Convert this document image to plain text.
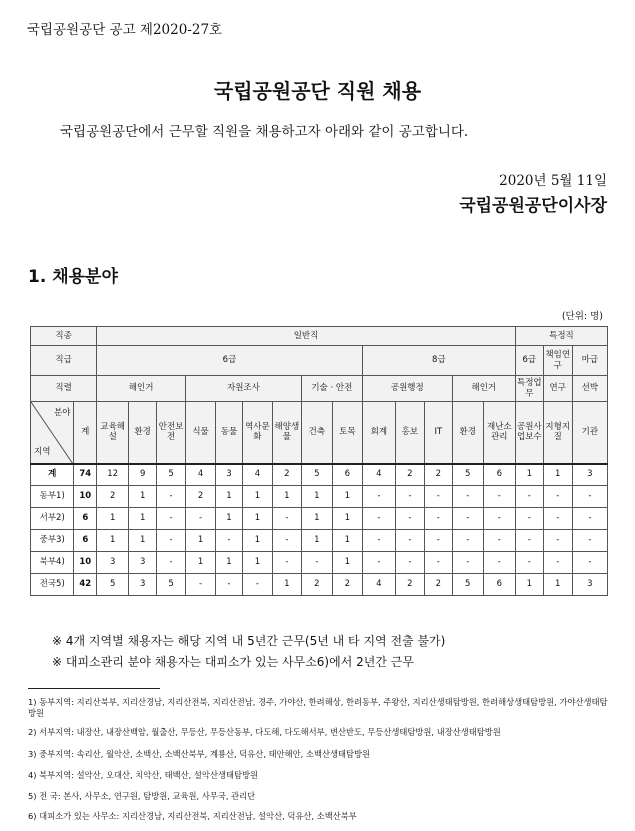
국립공원공단 공고 제2020-27호
국립공원공단 직원 채용
국립공원공단에서 근무할 직원을 채용하고자 아래와 같이 공고합니다.
2020년 5월 11일
국립공원공단이사장
1. 채용분야
(단위: 명)
직종		일반직														특정직		
직급		6급									8급					6급	책임연구	마급
직렬		해인거			자원조사				기술 · 안전		공원행정			해인거		특정업무	연구	선박

분야
지역	계	교육해설	환경	안전보전	식물	동물	역사문화	해양생물	건축	토목	회계	홍보	IT	환경	재난소관리	공원사업보수	지형지질	기관
계	74	12	9	5	4	3	4	2	5	6	4	2	2	5	6	1	1	3
동부1)	10	2	1	-	2	1	1	1	1	1	-	-	-	-	-	-	-	-
서부2)	6	1	1	-	-	1	1	-	1	1	-	-	-	-	-	-	-	-
중부3)	6	1	1	-	1	-	1	-	1	1	-	-	-	-	-	-	-	-
북부4)	10	3	3	-	1	1	1	-	-	1	-	-	-	-	-	-	-	-
전국5)	42	5	3	5	-	-	-	1	2	2	4	2	2	5	6	1	1	3
※ 4개 지역별 채용자는 해당 지역 내 5년간 근무(5년 내 타 지역 전출 불가)
※ 대피소관리 분야 채용자는 대피소가 있는 사무소6)에서 2년간 근무
1) 동부지역: 지리산북부, 지리산경남, 지리산전북, 지리산전남, 경주, 가야산, 한려해상, 한려동부, 주왕산, 지리산생태탐방원, 한려해상생태탐방원, 가야산생태탐방원
2) 서부지역: 내장산, 내장산백암, 월출산, 무등산, 무등산동부, 다도해, 다도해서부, 변산반도, 무등산생태탐방원, 내장산생태탐방원
3) 중부지역: 속리산, 월악산, 소백산, 소백산북부, 계룡산, 덕유산, 태안해안, 소백산생태탐방원
4) 북부지역: 설악산, 오대산, 치악산, 태백산, 설악산생태탐방원
5) 전 국: 본사, 사무소, 연구원, 탐방원, 교육원, 사무국, 관리단
6) 대피소가 있는 사무소: 지리산경남, 지리산전북, 지리산전남, 설악산, 덕유산, 소백산북부
